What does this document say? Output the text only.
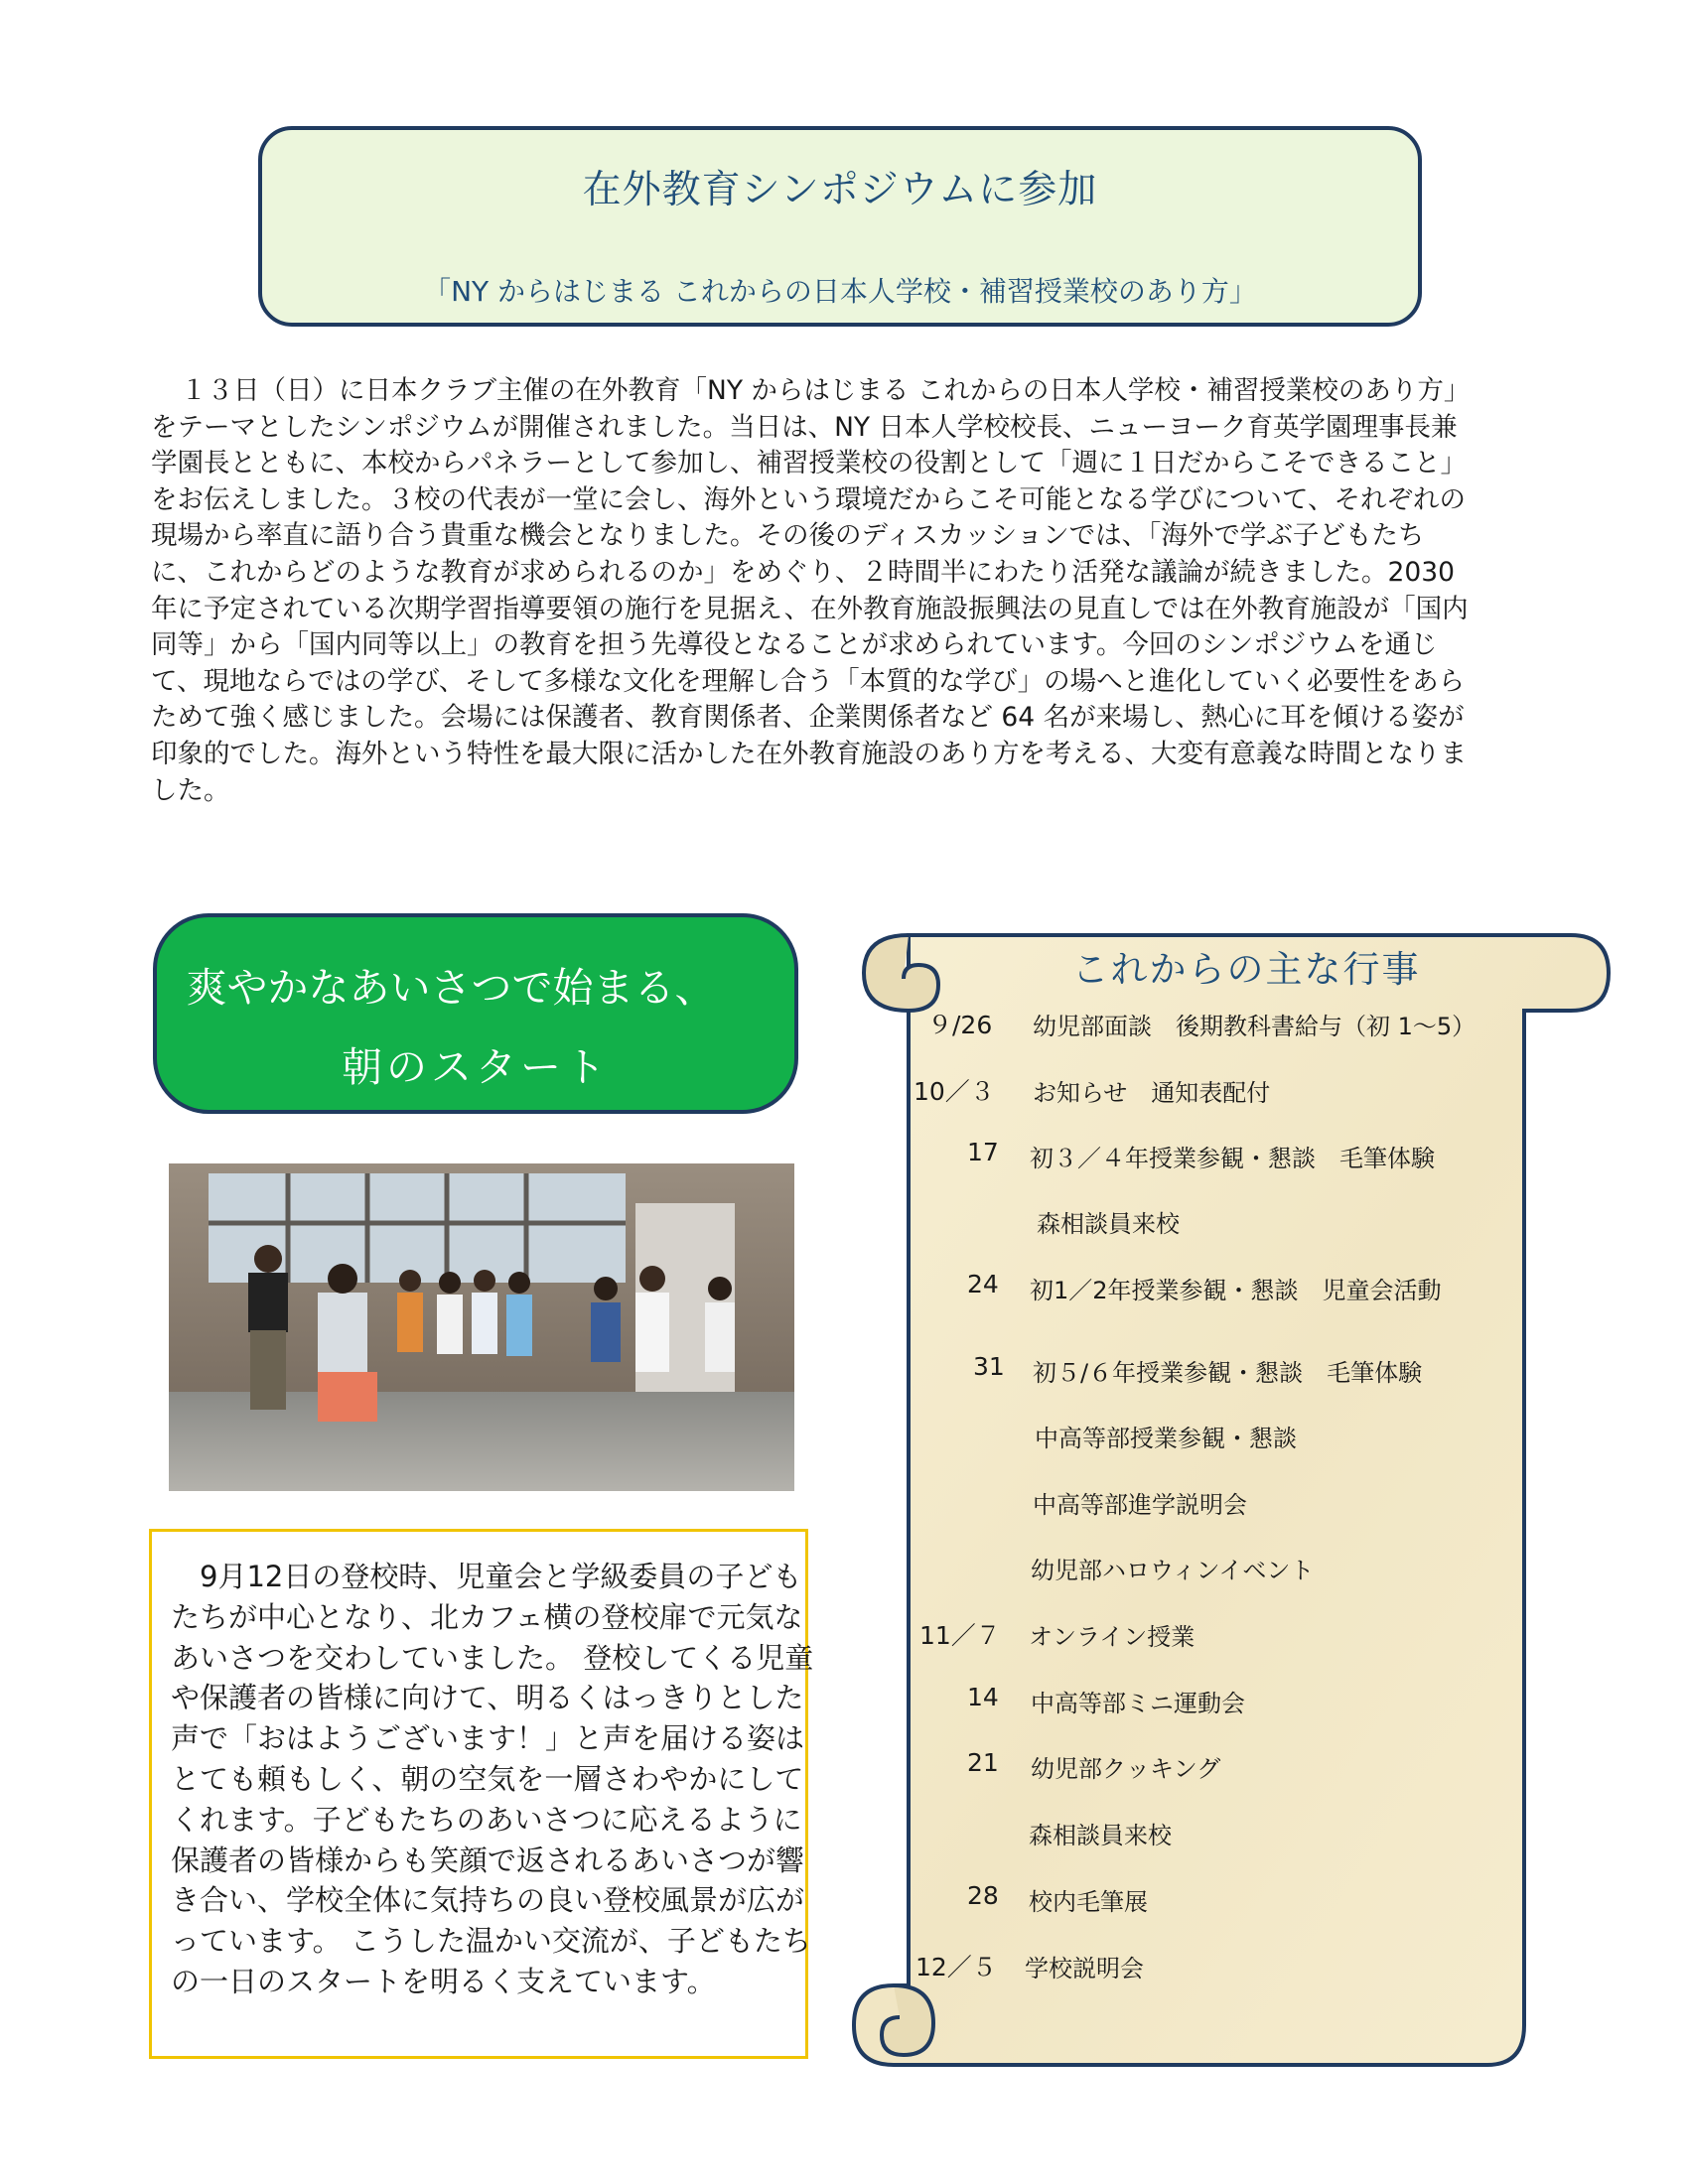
在外教育シンポジウムに参加
「NY からはじまる これからの日本人学校・補習授業校のあり方」
１３日（日）に日本クラブ主催の在外教育「NY からはじまる これからの日本人学校・補習授業校のあり方」
をテーマとしたシンポジウムが開催されました。当日は、NY 日本人学校校長、ニューヨーク育英学園理事長兼
学園長とともに、本校からパネラーとして参加し、補習授業校の役割として「週に１日だからこそできること」
をお伝えしました。３校の代表が一堂に会し、海外という環境だからこそ可能となる学びについて、それぞれの
現場から率直に語り合う貴重な機会となりました。その後のディスカッションでは、「海外で学ぶ子どもたち
に、これからどのような教育が求められるのか」をめぐり、２時間半にわたり活発な議論が続きました。2030
年に予定されている次期学習指導要領の施行を見据え、在外教育施設振興法の見直しでは在外教育施設が「国内
同等」から「国内同等以上」の教育を担う先導役となることが求められています。今回のシンポジウムを通じ
て、現地ならではの学び、そして多様な文化を理解し合う「本質的な学び」の場へと進化していく必要性をあら
ためて強く感じました。会場には保護者、教育関係者、企業関係者など 64 名が来場し、熱心に耳を傾ける姿が
印象的でした。海外という特性を最大限に活かした在外教育施設のあり方を考える、大変有意義な時間となりま
した。
爽やかなあいさつで始まる、
朝のスタート
　9月12日の登校時、児童会と学級委員の子ども
たちが中心となり、北カフェ横の登校扉で元気な
あいさつを交わしていました。 登校してくる児童
や保護者の皆様に向けて、明るくはっきりとした
声で「おはようございます！」と声を届ける姿は
とても頼もしく、朝の空気を一層さわやかにして
くれます。子どもたちのあいさつに応えるように
保護者の皆様からも笑顔で返されるあいさつが響
き合い、学校全体に気持ちの良い登校風景が広が
っています。 こうした温かい交流が、子どもたち
の一日のスタートを明るく支えています。
これからの主な行事
９/26 幼児部面談　後期教科書給与（初 1～5）
10／３ お知らせ　通知表配付
17 初３／４年授業参観・懇談　毛筆体験
森相談員来校
24 初1／2年授業参観・懇談　児童会活動
31 初５/６年授業参観・懇談　毛筆体験
中高等部授業参観・懇談
中高等部進学説明会
幼児部ハロウィンイベント
11／７ オンライン授業
14 中高等部ミニ運動会
21 幼児部クッキング
森相談員来校
28 校内毛筆展
12／５ 学校説明会
